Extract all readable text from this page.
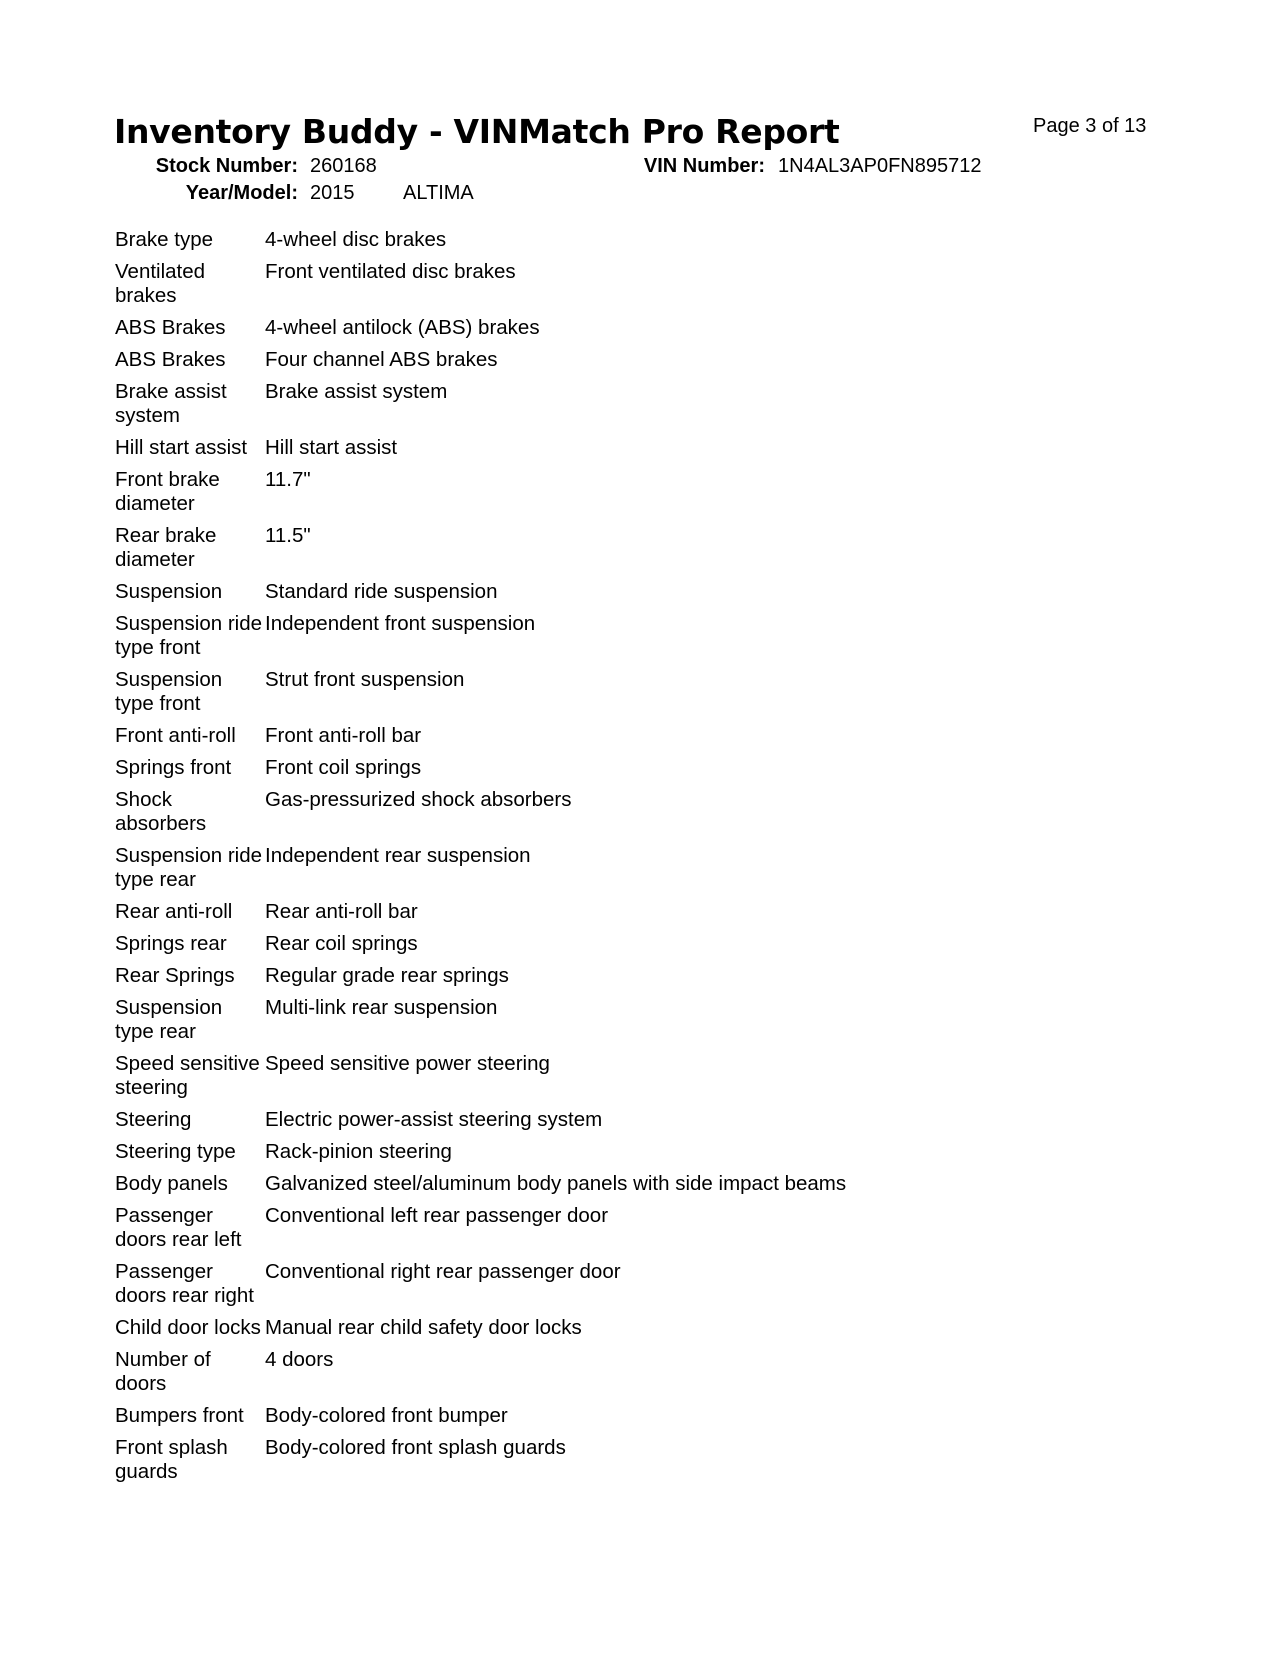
Inventory Buddy - VINMatch Pro Report	Page 3 of 13
Stock Number: 260168
Year/Model: 2015 ALTIMA
VIN Number: 1N4AL3AP0FN895712
Brake type	4-wheel disc brakes
Ventilated brakes	Front ventilated disc brakes
ABS Brakes	4-wheel antilock (ABS) brakes
ABS Brakes	Four channel ABS brakes
Brake assist system	Brake assist system
Hill start assist	Hill start assist
Front brake diameter	11.7"
Rear brake diameter	11.5"
Suspension	Standard ride suspension
Suspension ride type front	Independent front suspension
Suspension type front	Strut front suspension
Front anti-roll	Front anti-roll bar
Springs front	Front coil springs
Shock absorbers	Gas-pressurized shock absorbers
Suspension ride type rear	Independent rear suspension
Rear anti-roll	Rear anti-roll bar
Springs rear	Rear coil springs
Rear Springs	Regular grade rear springs
Suspension type rear	Multi-link rear suspension
Speed sensitive steering	Speed sensitive power steering
Steering	Electric power-assist steering system
Steering type	Rack-pinion steering
Body panels	Galvanized steel/aluminum body panels with side impact beams
Passenger doors rear left	Conventional left rear passenger door
Passenger doors rear right	Conventional right rear passenger door
Child door locks	Manual rear child safety door locks
Number of doors	4 doors
Bumpers front	Body-colored front bumper
Front splash guards	Body-colored front splash guards
